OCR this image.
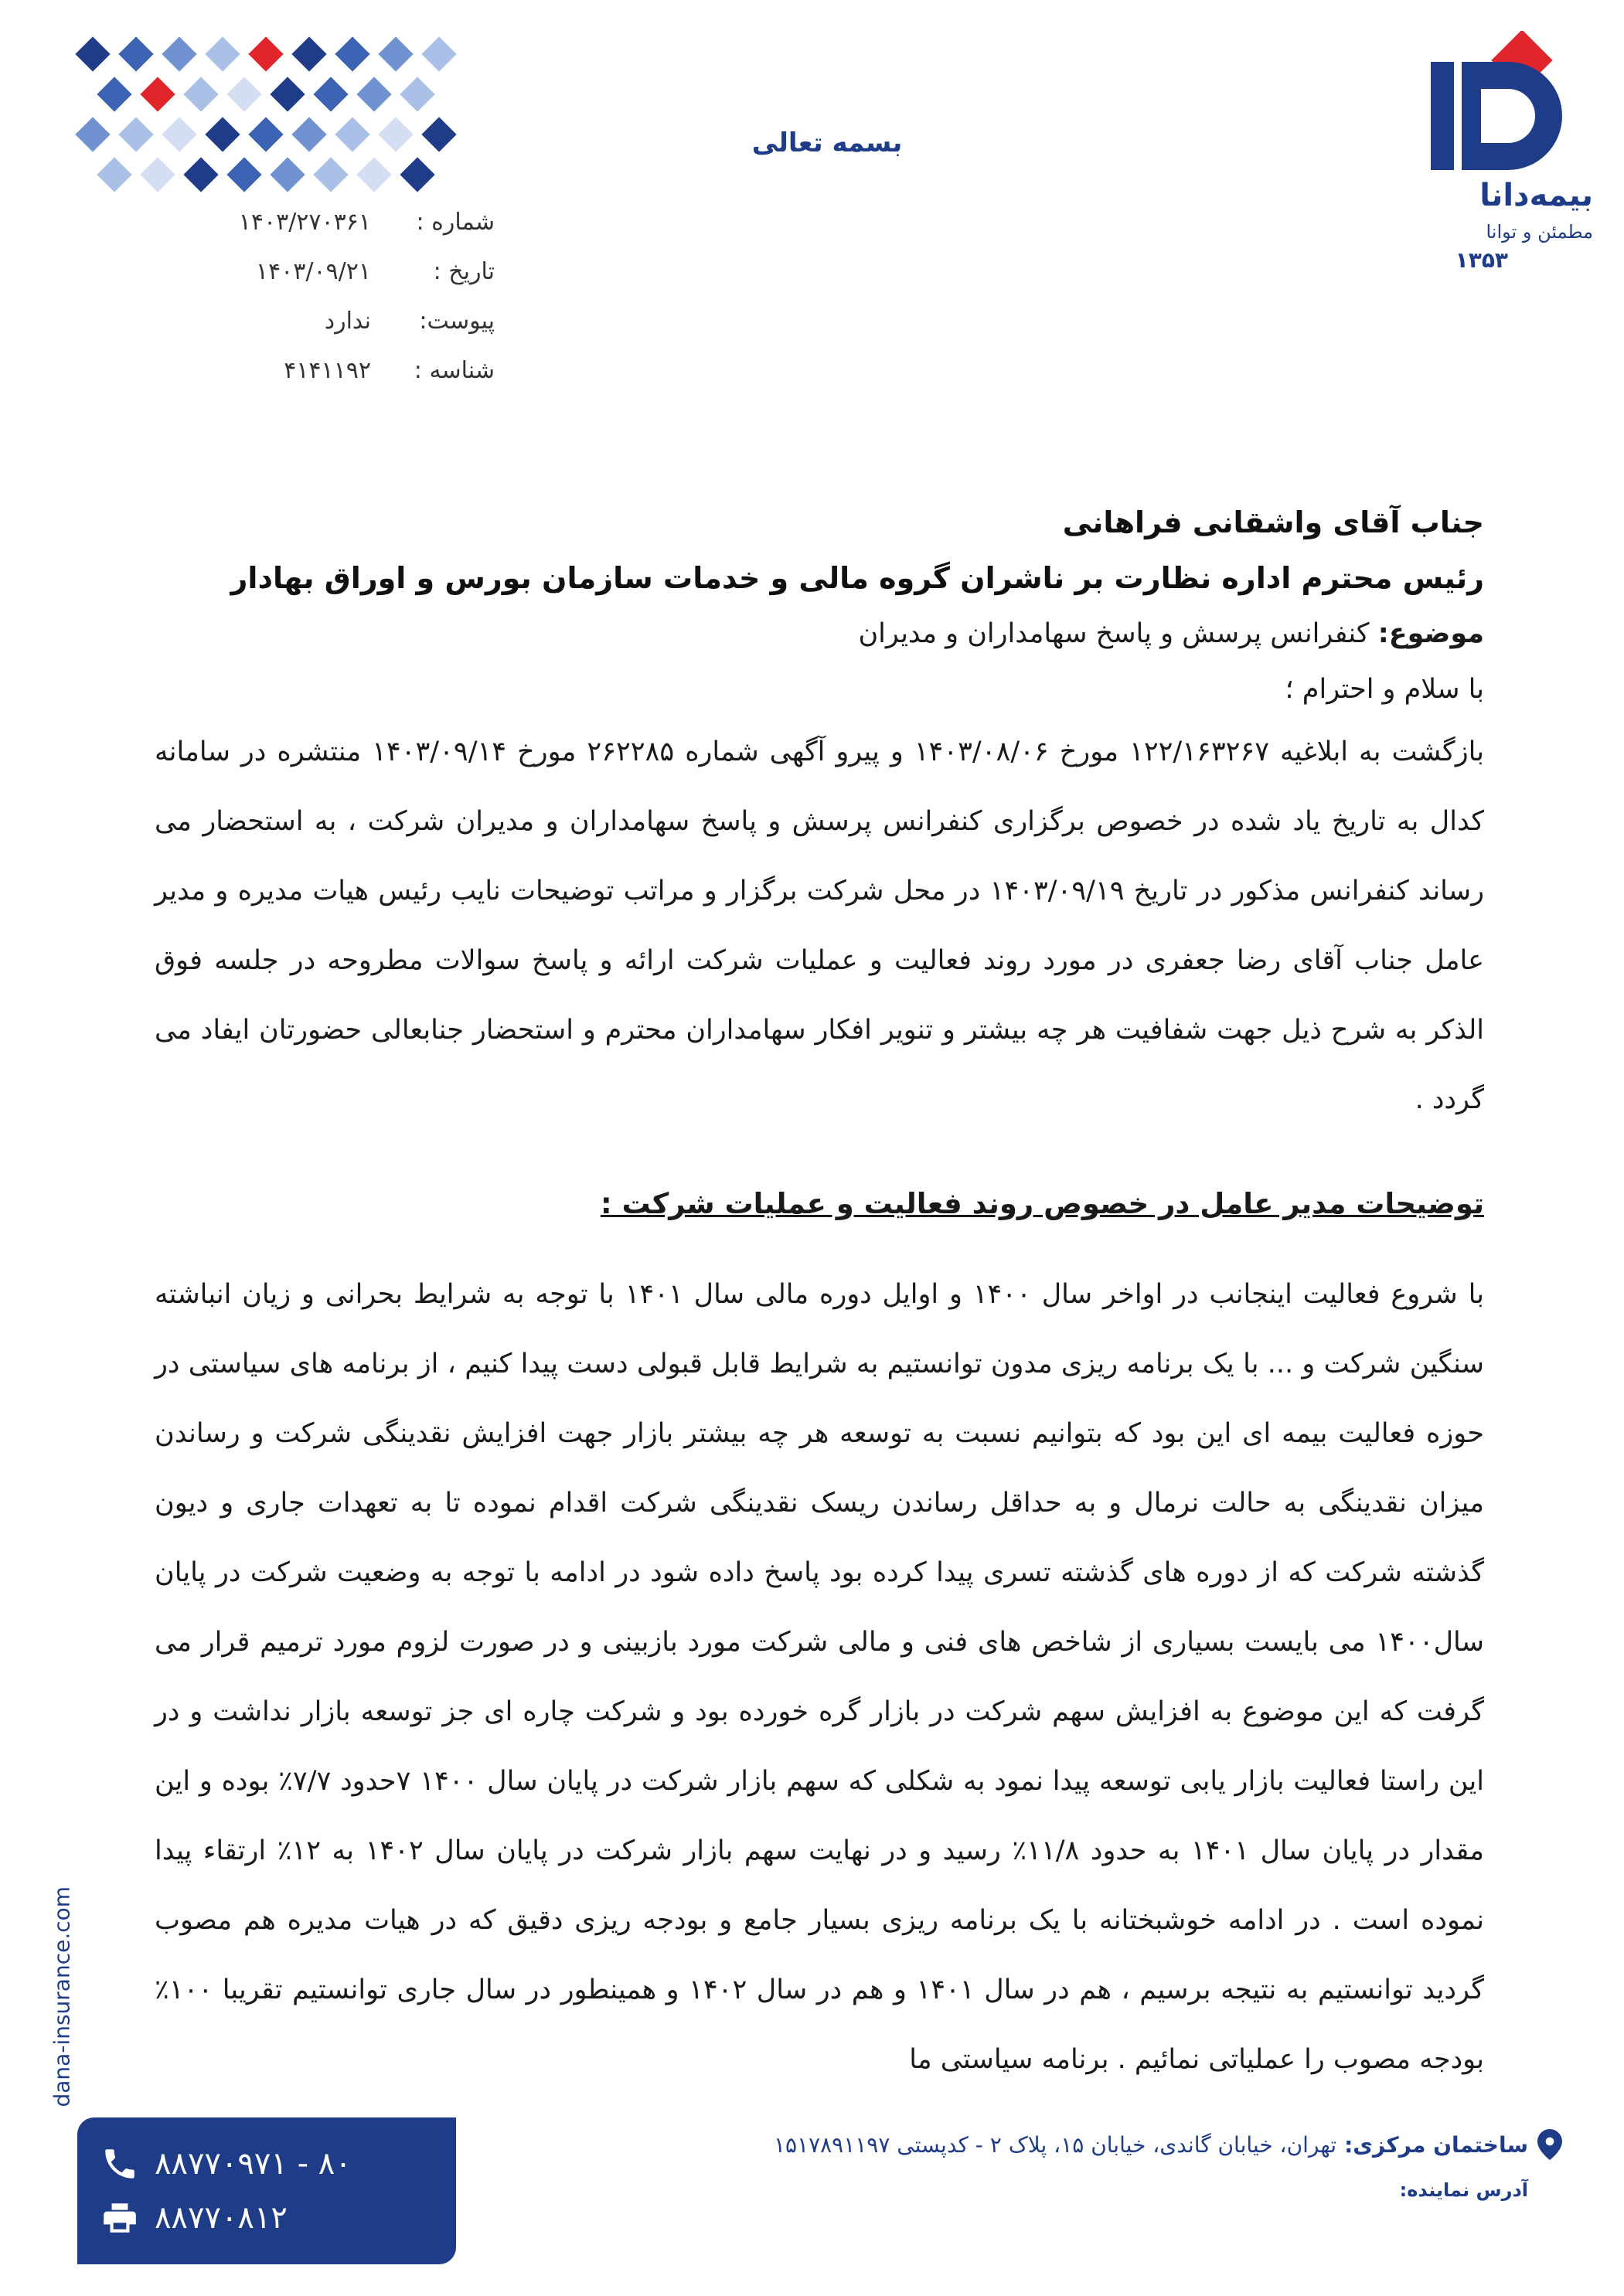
بیمه‌دانا
مطمئن و توانا
۱۳۵۳
بسمه تعالی
شماره :
۱۴۰۳/۲۷۰۳۶۱
تاریخ :
۱۴۰۳/۰۹/۲۱
پیوست:
ندارد
شناسه :
۴۱۴۱۱۹۲
جناب آقای واشقانی فراهانی
رئیس محترم اداره نظارت بر ناشران گروه مالی و خدمات سازمان بورس و اوراق بهادار
موضوع: کنفرانس پرسش و پاسخ سهامداران و مدیران
با سلام و احترام ؛

بازگشت به ابلاغیه ۱۲۲/۱۶۳۲۶۷ مورخ ۱۴۰۳/۰۸/۰۶ و پیرو آگهی شماره ۲۶۲۲۸۵ مورخ ۱۴۰۳/۰۹/۱۴ منتشره در سامانه کدال به تاریخ یاد شده در خصوص برگزاری کنفرانس پرسش و پاسخ سهامداران و مدیران شرکت ، به استحضار می رساند کنفرانس مذکور در تاریخ ۱۴۰۳/۰۹/۱۹ در محل شرکت برگزار و مراتب توضیحات نایب رئیس هیات مدیره و مدیر عامل جناب آقای رضا جعفری در مورد روند فعالیت و عملیات شرکت ارائه و پاسخ سوالات مطروحه در جلسه فوق الذکر به شرح ذیل جهت شفافیت هر چه بیشتر و تنویر افکار سهامداران محترم و استحضار جنابعالی حضورتان ایفاد می گردد .

توضیحات مدیر عامل در خصوص روند فعالیت و عملیات شرکت :

با شروع فعالیت اینجانب در اواخر سال ۱۴۰۰ و اوایل دوره مالی سال ۱۴۰۱ با توجه به شرایط بحرانی و زیان انباشته سنگین شرکت و ... با یک برنامه ریزی مدون توانستیم به شرایط قابل قبولی دست پیدا کنیم ، از برنامه های سیاستی در حوزه فعالیت بیمه ای این بود که بتوانیم نسبت به توسعه هر چه بیشتر بازار جهت افزایش نقدینگی شرکت و رساندن میزان نقدینگی به حالت نرمال و به حداقل رساندن ریسک نقدینگی شرکت اقدام نموده تا به تعهدات جاری و دیون گذشته شرکت که از دوره های گذشته تسری پیدا کرده بود پاسخ داده شود در ادامه با توجه به وضعیت شرکت در پایان سال۱۴۰۰ می بایست بسیاری از شاخص های فنی و مالی شرکت مورد بازبینی و در صورت لزوم مورد ترمیم قرار می گرفت که این موضوع به افزایش سهم شرکت در بازار گره خورده بود و شرکت چاره ای جز توسعه بازار نداشت و در این راستا فعالیت بازار یابی توسعه پیدا نمود به شکلی که سهم بازار شرکت در پایان سال ۱۴۰۰ ۷حدود ۷/۷٪ بوده و این مقدار در پایان سال ۱۴۰۱ به حدود ۱۱/۸٪ رسید و در نهایت سهم بازار شرکت در پایان سال ۱۴۰۲ به ۱۲٪ ارتقاء پیدا نموده است . در ادامه خوشبختانه با یک برنامه ریزی بسیار جامع و بودجه ریزی دقیق که در هیات مدیره هم مصوب گردید توانستیم به نتیجه برسیم ، هم در سال ۱۴۰۱ و هم در سال ۱۴۰۲ و همینطور در سال جاری توانستیم تقریبا ۱۰۰٪ بودجه مصوب را عملیاتی نمائیم . برنامه سیاستی ما

dana-insurance.com
۸۸۷۷۰۹۷۱ - ۸۰
۸۸۷۷۰۸۱۲
ساختمان مرکزی:
تهران، خیابان گاندی، خیابان ۱۵، پلاک ۲ - کدپستی ۱۵۱۷۸۹۱۱۹۷
آدرس نماینده:
